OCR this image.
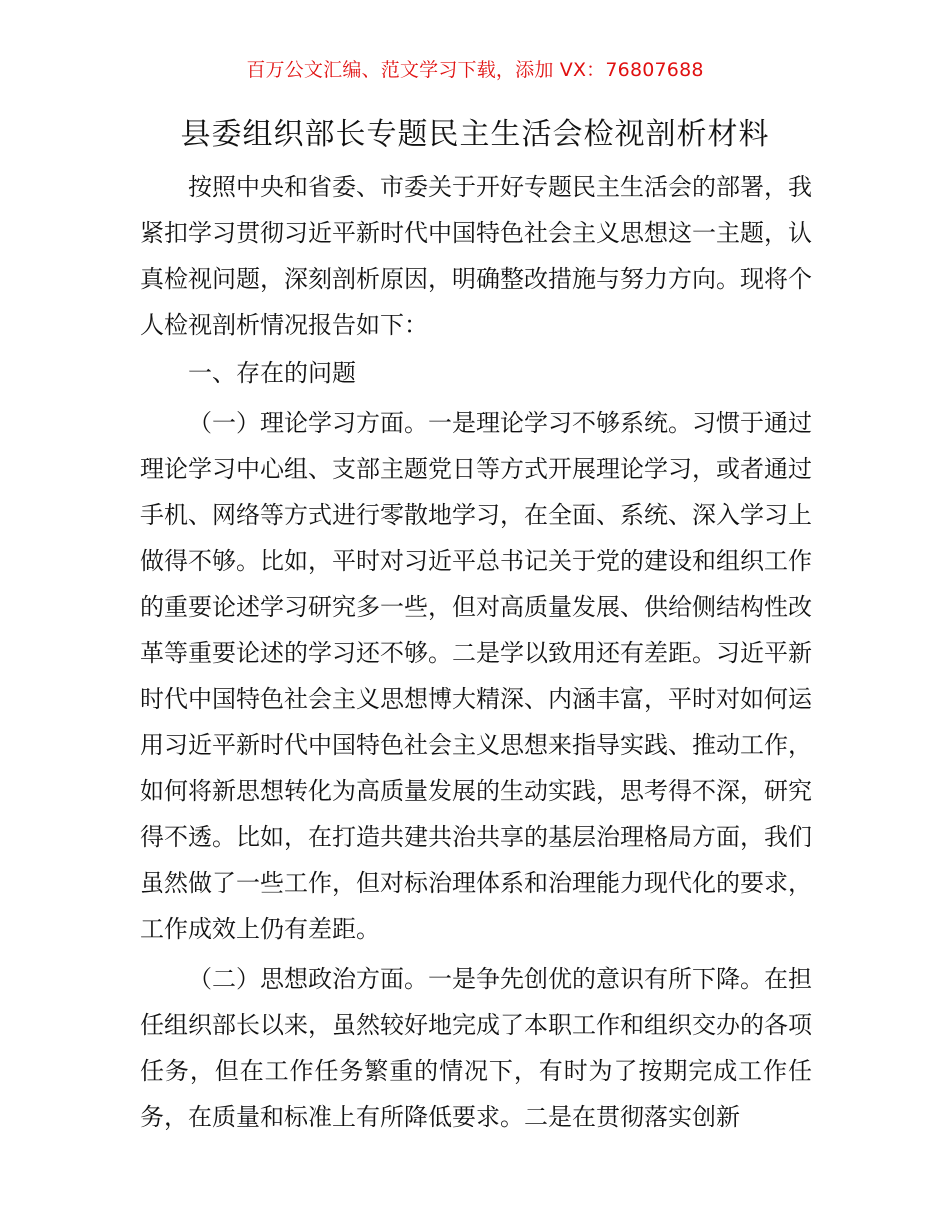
百万公文汇编、范文学习下载，添加 VX：76807688
县委组织部长专题民主生活会检视剖析材料

按照中央和省委、市委关于开好专题民主生活会的部署，我紧扣学习贯彻习近平新时代中国特色社会主义思想这一主题，认真检视问题，深刻剖析原因，明确整改措施与努力方向。现将个人检视剖析情况报告如下：

一、存在的问题

（一）理论学习方面。一是理论学习不够系统。习惯于通过理论学习中心组、支部主题党日等方式开展理论学习，或者通过手机、网络等方式进行零散地学习，在全面、系统、深入学习上做得不够。比如，平时对习近平总书记关于党的建设和组织工作的重要论述学习研究多一些，但对高质量发展、供给侧结构性改革等重要论述的学习还不够。二是学以致用还有差距。习近平新时代中国特色社会主义思想博大精深、内涵丰富，平时对如何运用习近平新时代中国特色社会主义思想来指导实践、推动工作，如何将新思想转化为高质量发展的生动实践，思考得不深，研究得不透。比如，在打造共建共治共享的基层治理格局方面，我们虽然做了一些工作，但对标治理体系和治理能力现代化的要求，工作成效上仍有差距。

（二）思想政治方面。一是争先创优的意识有所下降。在担任组织部长以来，虽然较好地完成了本职工作和组织交办的各项任务，但在工作任务繁重的情况下，有时为了按期完成工作任务，在质量和标准上有所降低要求。二是在贯彻落实创新
